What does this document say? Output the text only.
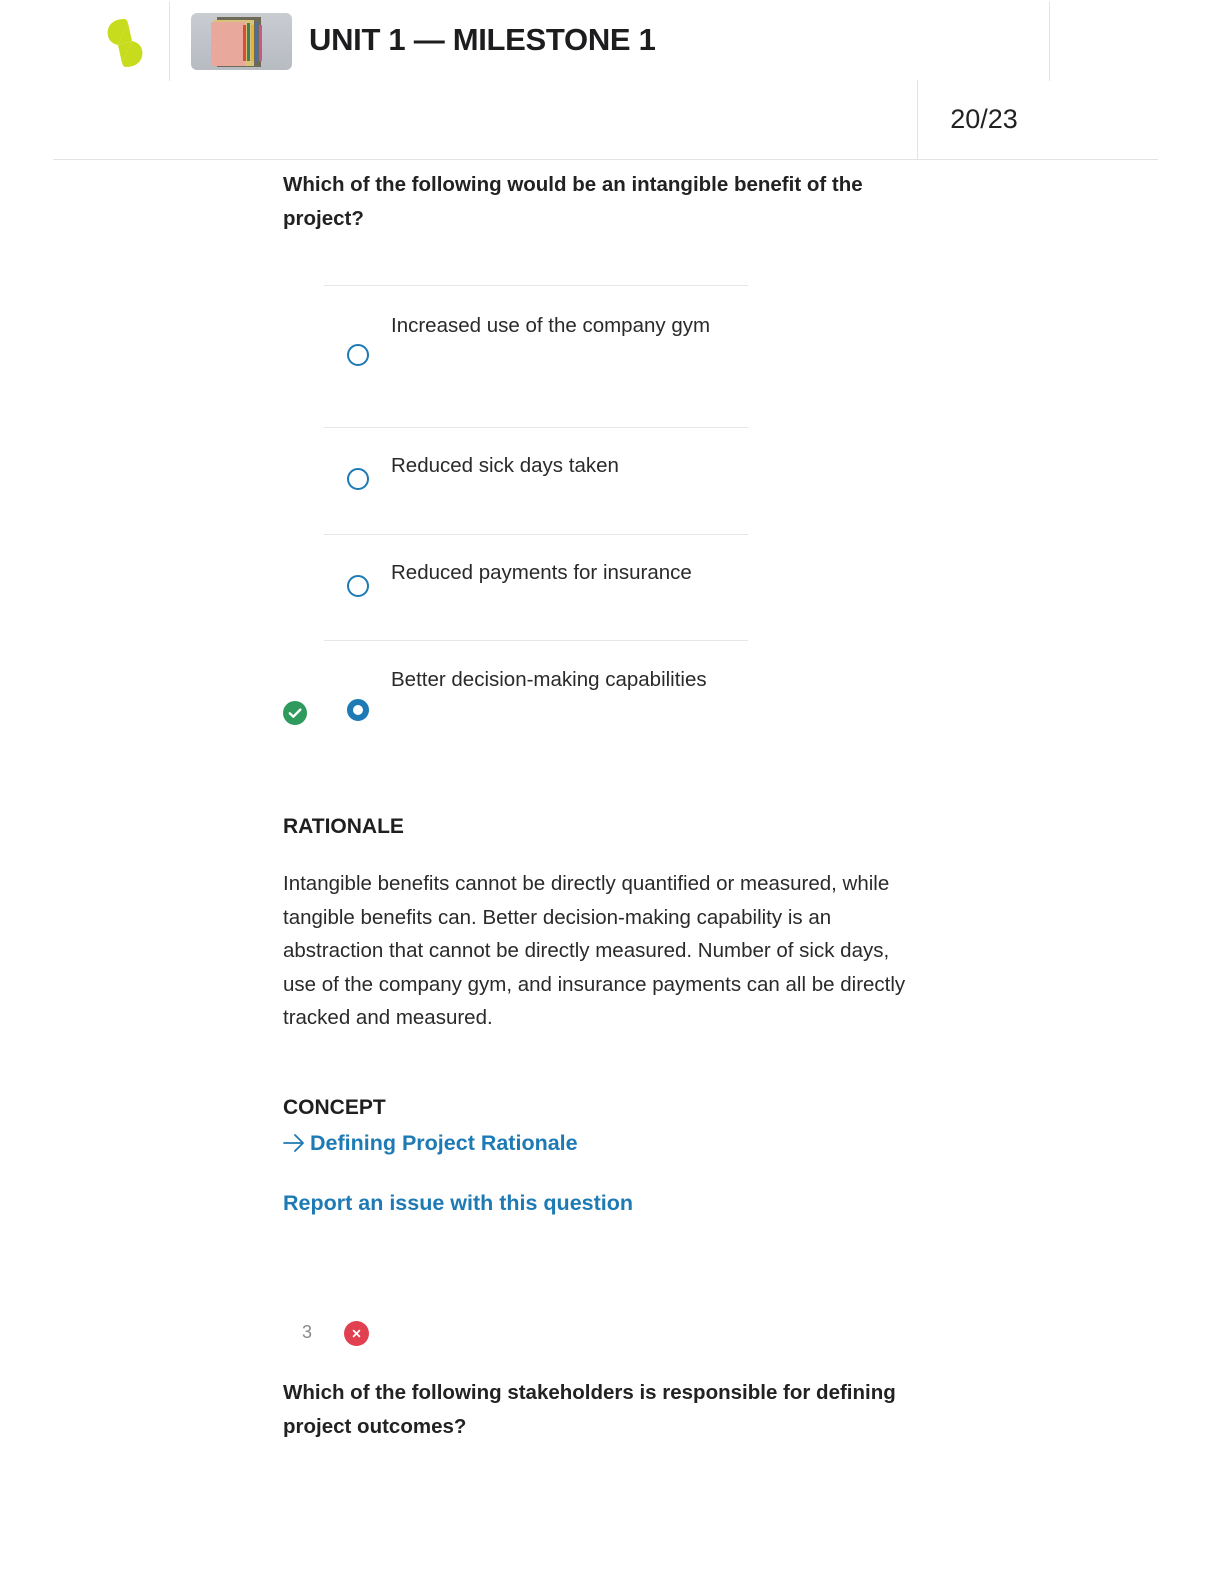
UNIT 1 — MILESTONE 1
20/23
Which of the following would be an intangible benefit of the project?
Increased use of the company gym
Reduced sick days taken
Reduced payments for insurance
Better decision-making capabilities
RATIONALE
Intangible benefits cannot be directly quantified or measured, while tangible benefits can. Better decision-making capability is an abstraction that cannot be directly measured. Number of sick days, use of the company gym, and insurance payments can all be directly tracked and measured.
CONCEPT
Defining Project Rationale
Report an issue with this question
3
Which of the following stakeholders is responsible for defining project outcomes?
